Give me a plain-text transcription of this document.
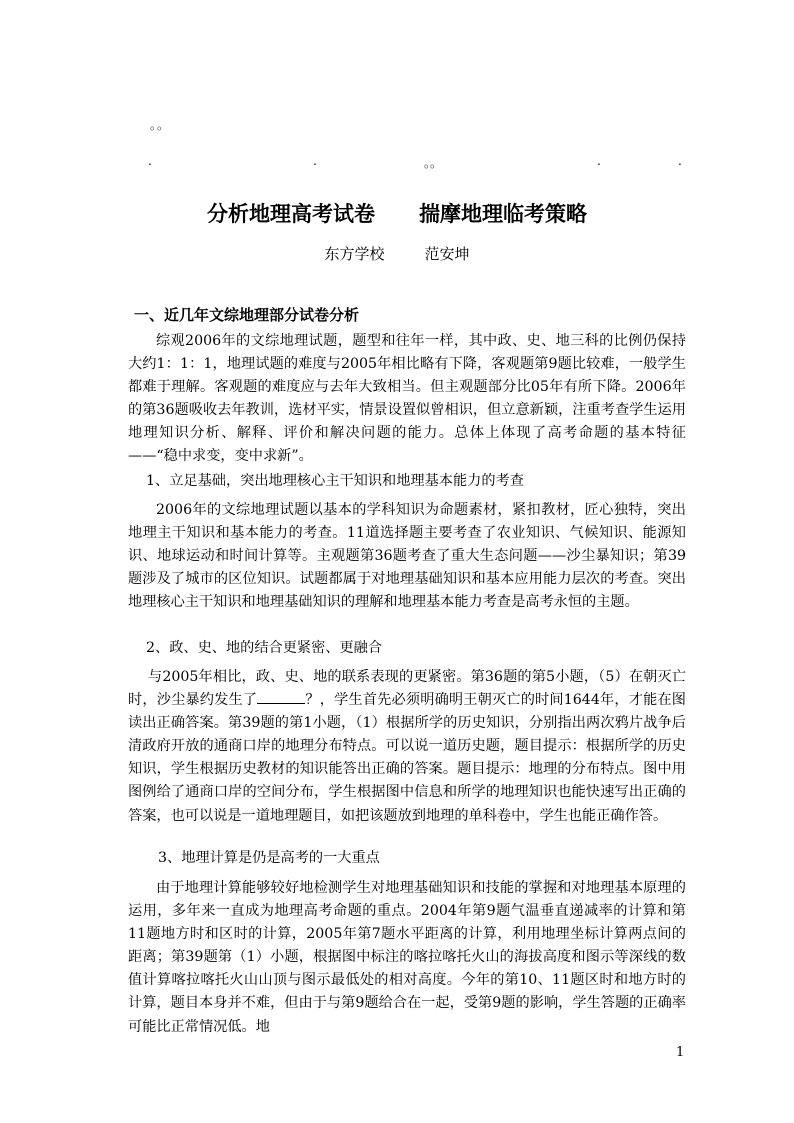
。。
.	.	。。	.	.
分析地理高考试卷 揣摩地理临考策略
东方学校	范安坤
一、近几年文综地理部分试卷分析
综观2006年的文综地理试题，题型和往年一样，其中政、史、地三科的比例仍保持大约1：1：1，地理试题的难度与2005年相比略有下降，客观题第9题比较难，一般学生都难于理解。客观题的难度应与去年大致相当。但主观题部分比05年有所下降。2006年的第36题吸收去年教训，选材平实，情景设置似曾相识，但立意新颖，注重考查学生运用地理知识分析、解释、评价和解决问题的能力。总体上体现了高考命题的基本特征——“稳中求变，变中求新”。
1、立足基础，突出地理核心主干知识和地理基本能力的考查
2006年的文综地理试题以基本的学科知识为命题素材，紧扣教材，匠心独特，突出地理主干知识和基本能力的考查。11道选择题主要考查了农业知识、气候知识、能源知识、地球运动和时间计算等。主观题第36题考查了重大生态问题——沙尘暴知识；第39题涉及了城市的区位知识。试题都属于对地理基础知识和基本应用能力层次的考查。突出地理核心主干知识和地理基础知识的理解和地理基本能力考查是高考永恒的主题。
2、政、史、地的结合更紧密、更融合
与2005年相比，政、史、地的联系表现的更紧密。第36题的第5小题，（5）在朝灭亡时，沙尘暴约发生了	？，学生首先必须明确明王朝灭亡的时间1644年，才能在图读出正确答案。第39题的第1小题，（1）根据所学的历史知识，分别指出两次鸦片战争后清政府开放的通商口岸的地理分布特点。可以说一道历史题，题目提示：根据所学的历史知识，学生根据历史教材的知识能答出正确的答案。题目提示：地理的分布特点。图中用图例给了通商口岸的空间分布，学生根据图中信息和所学的地理知识也能快速写出正确的答案，也可以说是一道地理题目，如把该题放到地理的单科卷中，学生也能正确作答。
3、地理计算是仍是高考的一大重点
由于地理计算能够较好地检测学生对地理基础知识和技能的掌握和对地理基本原理的运用，多年来一直成为地理高考命题的重点。2004年第9题气温垂直递减率的计算和第11题地方时和区时的计算，2005年第7题水平距离的计算，利用地理坐标计算两点间的距离；第39题第（1）小题，根据图中标注的喀拉喀托火山的海拔高度和图示等深线的数值计算喀拉喀托火山山顶与图示最低处的相对高度。今年的第10、11题区时和地方时的计算，题目本身并不难，但由于与第9题给合在一起，受第9题的影响，学生答题的正确率可能比正常情况低。地
1
